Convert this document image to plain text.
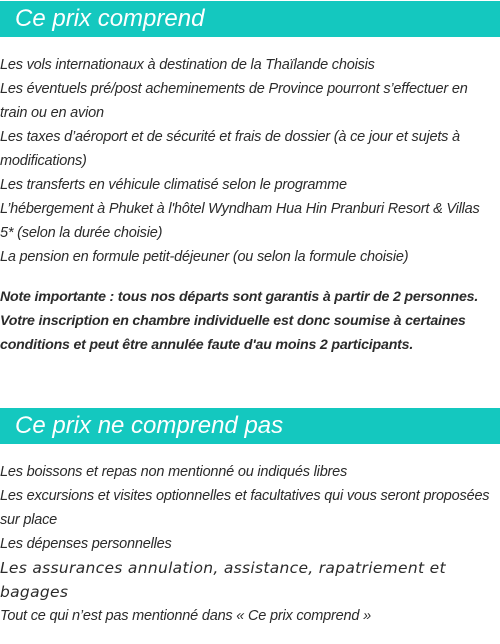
Ce prix comprend

Les vols internationaux à destination de la Thaïlande choisis

Les éventuels pré/post acheminements de Province pourront s’effectuer en

train ou en avion

Les taxes d’aéroport et de sécurité et frais de dossier (à ce jour et sujets à

modifications)

Les transferts en véhicule climatisé selon le programme

L’hébergement à Phuket à l'hôtel Wyndham Hua Hin Pranburi Resort & Villas

5* (selon la durée choisie)

La pension en formule petit-déjeuner (ou selon la formule choisie)

Note importante : tous nos départs sont garantis à partir de 2 personnes.

Votre inscription en chambre individuelle est donc soumise à certaines

conditions et peut être annulée faute d'au moins 2 participants.

Ce prix ne comprend pas

Les boissons et repas non mentionné ou indiqués libres

Les excursions et visites optionnelles et facultatives qui vous seront proposées

sur place

Les dépenses personnelles

Les assurances annulation, assistance, rapatriement et

bagages

Tout ce qui n’est pas mentionné dans « Ce prix comprend »
